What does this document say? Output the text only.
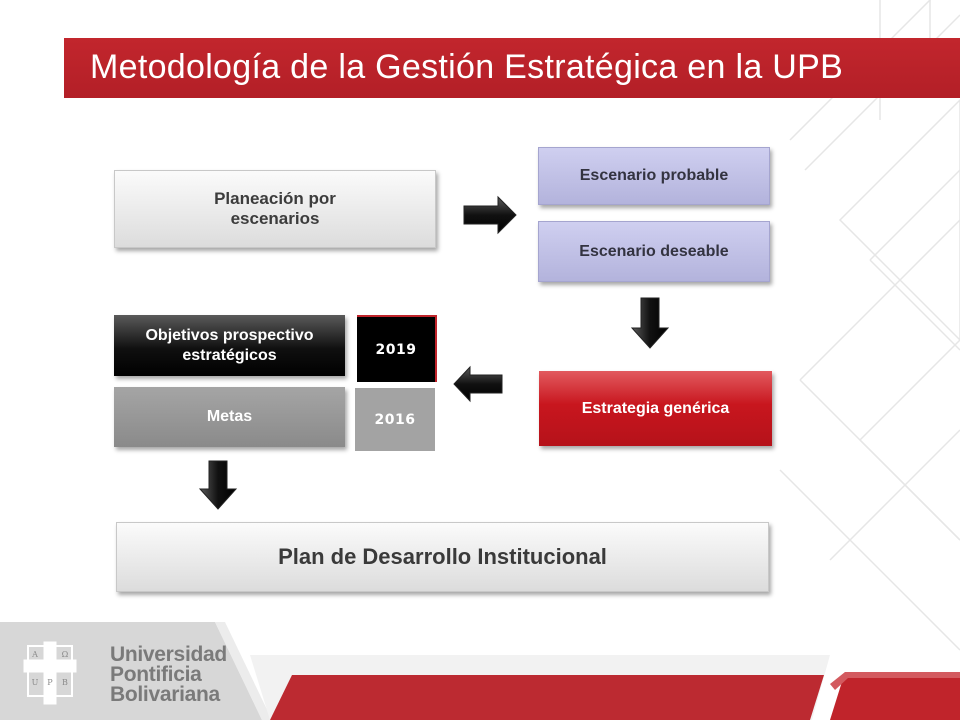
Metodología de la Gestión Estratégica en la UPB
Planeación por
escenarios
Escenario probable
Escenario deseable
Estrategia genérica
Objetivos prospectivo
estratégicos
Metas
2019
2016
Plan de Desarrollo Institucional
A	Ω
U P B
Universidad
Pontificia
Bolivariana
